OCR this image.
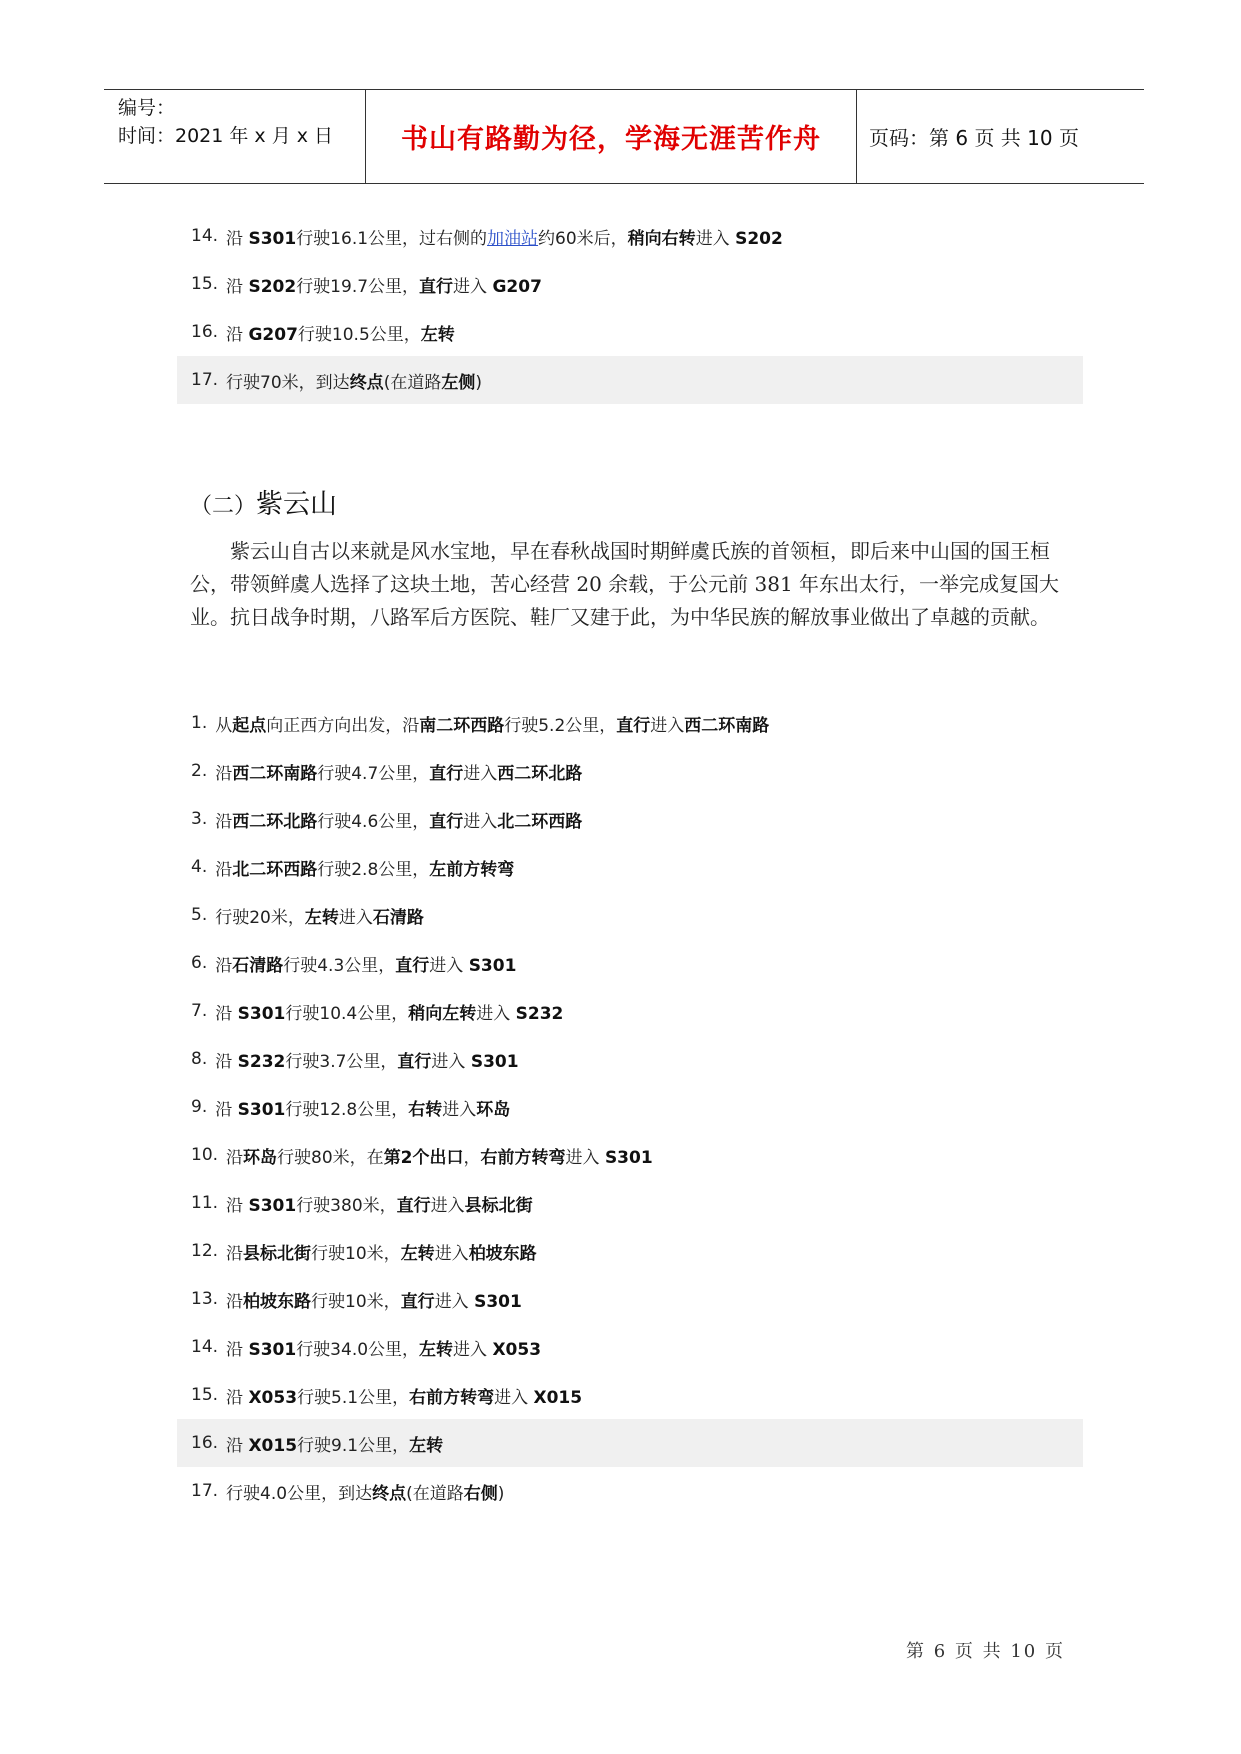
编号：
时间：2021 年 x 月 x 日	书山有路勤为径，学海无涯苦作舟	页码：第 6 页 共 10 页
14. 沿 S301行驶16.1公里，过右侧的加油站约60米后，稍向右转进入 S202
15. 沿 S202行驶19.7公里，直行进入 G207
16. 沿 G207行驶10.5公里，左转
17. 行驶70米，到达终点(在道路左侧)
（二）紫云山
紫云山自古以来就是风水宝地，早在春秋战国时期鲜虞氏族的首领桓，即后来中山国的国王桓公，带领鲜虞人选择了这块土地，苦心经营 20 余载，于公元前 381 年东出太行，一举完成复国大业。抗日战争时期，八路军后方医院、鞋厂又建于此，为中华民族的解放事业做出了卓越的贡献。
1. 从起点向正西方向出发，沿南二环西路行驶5.2公里，直行进入西二环南路
2. 沿西二环南路行驶4.7公里，直行进入西二环北路
3. 沿西二环北路行驶4.6公里，直行进入北二环西路
4. 沿北二环西路行驶2.8公里，左前方转弯
5. 行驶20米，左转进入石清路
6. 沿石清路行驶4.3公里，直行进入 S301
7. 沿 S301行驶10.4公里，稍向左转进入 S232
8. 沿 S232行驶3.7公里，直行进入 S301
9. 沿 S301行驶12.8公里，右转进入环岛
10. 沿环岛行驶80米，在第2个出口，右前方转弯进入 S301
11. 沿 S301行驶380米，直行进入县标北街
12. 沿县标北街行驶10米，左转进入柏坡东路
13. 沿柏坡东路行驶10米，直行进入 S301
14. 沿 S301行驶34.0公里，左转进入 X053
15. 沿 X053行驶5.1公里，右前方转弯进入 X015
16. 沿 X015行驶9.1公里，左转
17. 行驶4.0公里，到达终点(在道路右侧)
第 6 页 共 10 页
